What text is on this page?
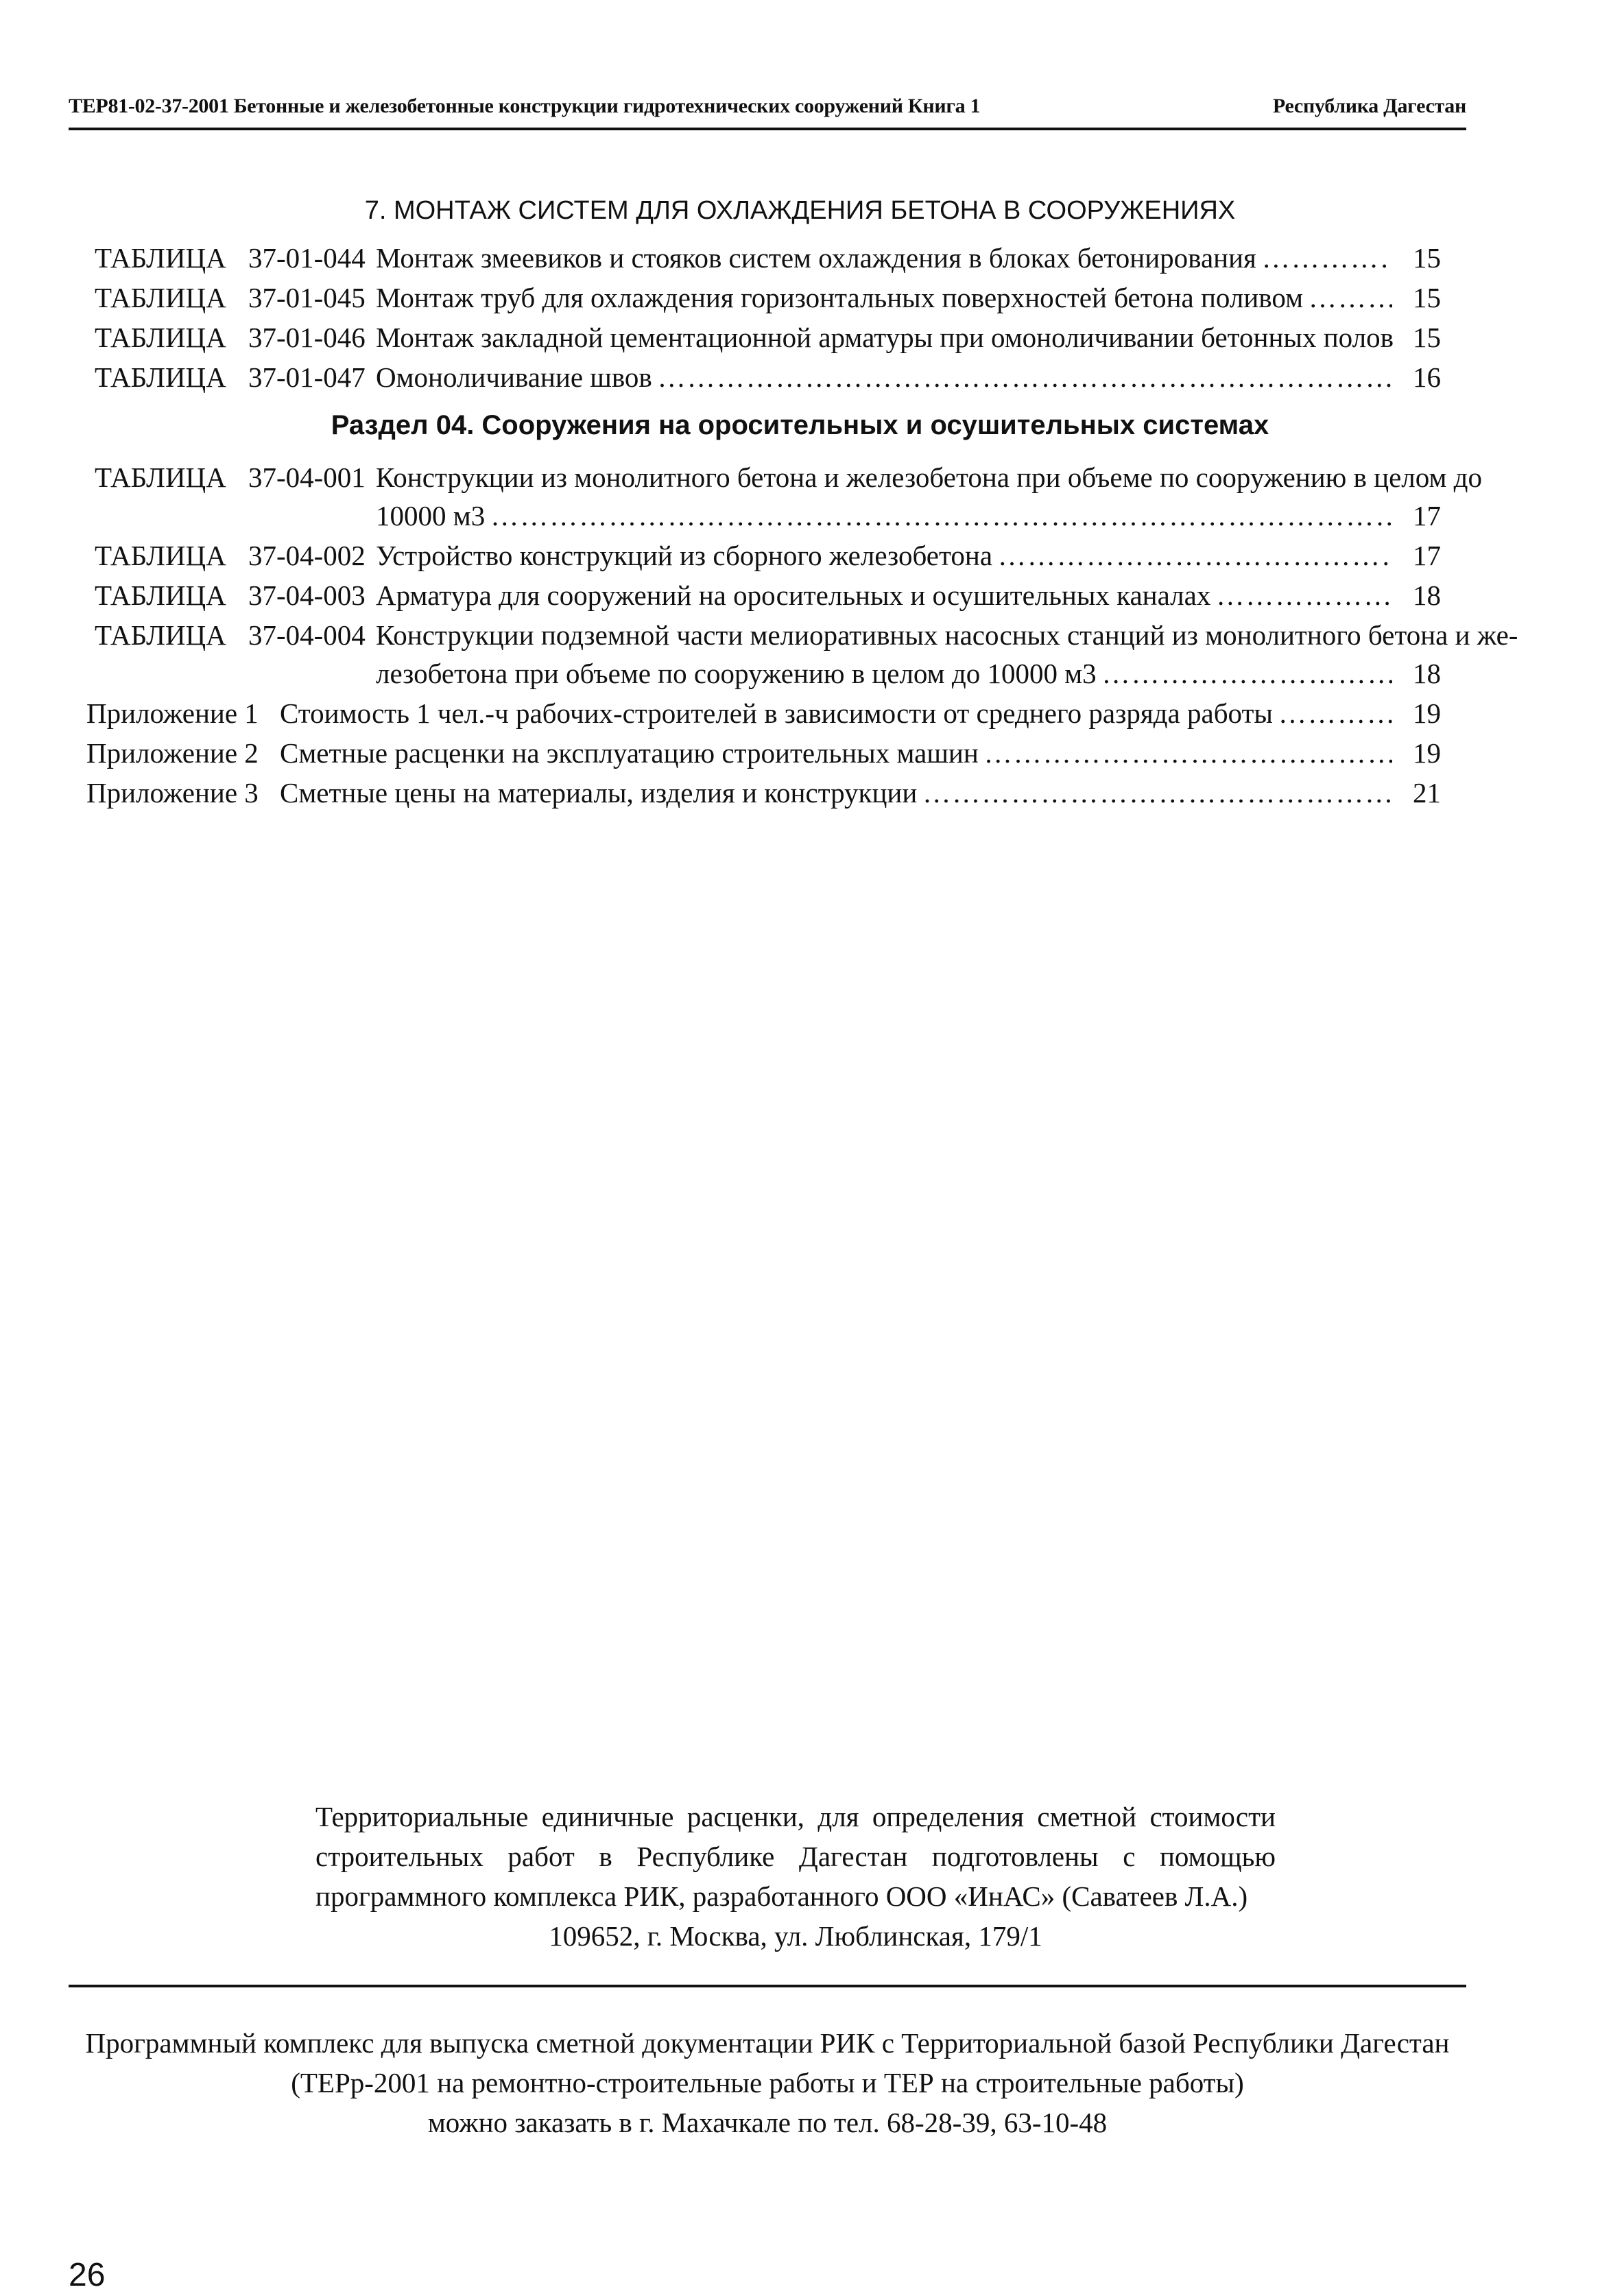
ТЕР81-02-37-2001 Бетонные и железобетонные конструкции гидротехнических сооружений Книга 1	Республика Дагестан
7. МОНТАЖ СИСТЕМ ДЛЯ ОХЛАЖДЕНИЯ БЕТОНА В СООРУЖЕНИЯХ
ТАБЛИЦА 37-01-044 Монтаж змеевиков и стояков систем охлаждения в блоках бетонирования ……………………………………………………………………………………………………………………………………………………………………………………………………………………………………………………………………………………	15
ТАБЛИЦА 37-01-045 Монтаж труб для охлаждения горизонтальных поверхностей бетона поливом ……………………………………………………………………………………………………………………………………………………………………………………………………………………………………………………………………………………	15
ТАБЛИЦА 37-01-046 Монтаж закладной цементационной арматуры при омоноличивании бетонных полов 15
ТАБЛИЦА 37-01-047 Омоноличивание швов ……………………………………………………………………………………………………………………………………………………………………………………………………………………………………………………………………………………	16
Раздел 04. Сооружения на оросительных и осушительных системах
ТАБЛИЦА 37-04-001 Конструкции из монолитного бетона и железобетона при объеме по сооружению в целом до
10000 м3 ……………………………………………………………………………………………………………………………………………………………………………………………………………………………………………………………………………………	17
ТАБЛИЦА 37-04-002 Устройство конструкций из сборного железобетона ……………………………………………………………………………………………………………………………………………………………………………………………………………………………………………………………………………………	17
ТАБЛИЦА 37-04-003 Арматура для сооружений на оросительных и осушительных каналах ……………………………………………………………………………………………………………………………………………………………………………………………………………………………………………………………………………………	18
ТАБЛИЦА 37-04-004 Конструкции подземной части мелиоративных насосных станций из монолитного бетона и же-
лезобетона при объеме по сооружению в целом до 10000 м3 ……………………………………………………………………………………………………………………………………………………………………………………………………………………………………………………………………………………	18
Приложение 1 Стоимость 1 чел.-ч рабочих-строителей в зависимости от среднего разряда работы ……………………………………………………………………………………………………………………………………………………………………………………………………………………………………………………………………………………	19
Приложение 2 Сметные расценки на эксплуатацию строительных машин ……………………………………………………………………………………………………………………………………………………………………………………………………………………………………………………………………………………	19
Приложение 3 Сметные цены на материалы, изделия и конструкции ……………………………………………………………………………………………………………………………………………………………………………………………………………………………………………………………………………………	21
Территориальные единичные расценки, для определения сметной стоимости строительных работ в Республике Дагестан подготовлены с помощью программного комплекса РИК, разработанного ООО «ИнАС» (Саватеев Л.А.)
109652, г. Москва, ул. Люблинская, 179/1
Программный комплекс для выпуска сметной документации РИК с Территориальной базой Республики Дагестан
(ТЕРр-2001 на ремонтно-строительные работы и ТЕР на строительные работы)
можно заказать в г. Махачкале по тел. 68-28-39, 63-10-48
26
